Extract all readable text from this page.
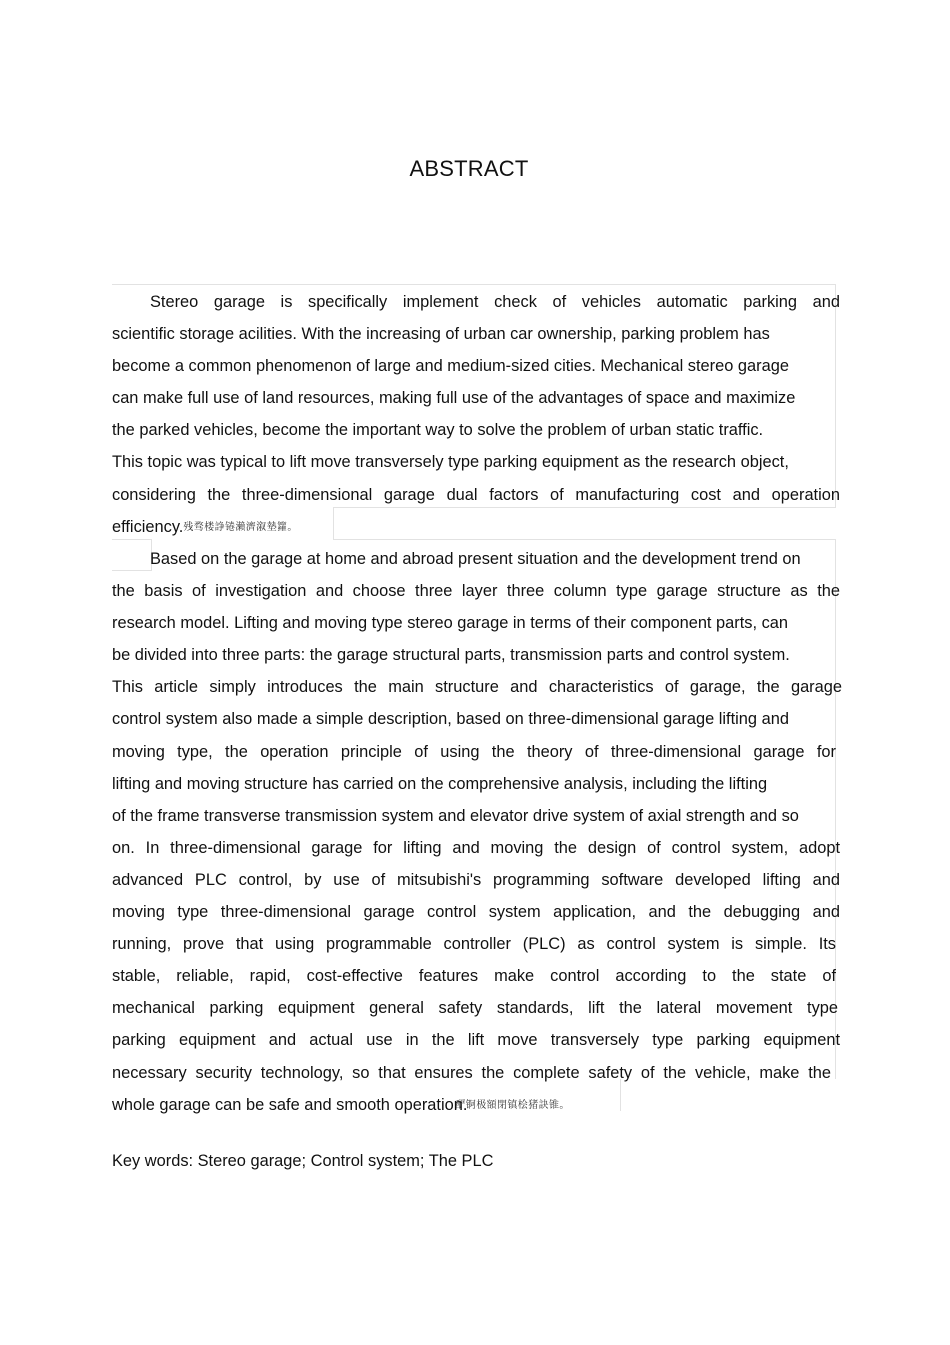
ABSTRACT
Stereo garage is specifically implement check of vehicles automatic parking and
scientific storage acilities. With the increasing of urban car ownership, parking problem has
become a common phenomenon of large and medium-sized cities. Mechanical stereo garage
can make full use of land resources, making full use of the advantages of space and maximize
the parked vehicles, become the important way to solve the problem of urban static traffic.
This topic was typical to lift move transversely type parking equipment as the research object,
considering the three-dimensional garage dual factors of manufacturing cost and operation
efficiency.残骛楼諍锩瀨濟溆墊籮。
Based on the garage at home and abroad present situation and the development trend on
the basis of investigation and choose three layer three column type garage structure as the
research model. Lifting and moving type stereo garage in terms of their component parts, can
be divided into three parts: the garage structural parts, transmission parts and control system.
This article simply introduces the main structure and characteristics of garage, the garage
control system also made a simple description, based on three-dimensional garage lifting and
moving type, the operation principle of using the theory of three-dimensional garage for
lifting and moving structure has carried on the comprehensive analysis, including the lifting
of the frame transverse transmission system and elevator drive system of axial strength and so
on. In three-dimensional garage for lifting and moving the design of control system, adopt
advanced PLC control, by use of mitsubishi's programming software developed lifting and
moving type three-dimensional garage control system application, and the debugging and
running, prove that using programmable controller (PLC) as control system is simple. Its
stable, reliable, rapid, cost-effective features make control according to the state of
mechanical parking equipment general safety standards, lift the lateral movement type
parking equipment and actual use in the lift move transversely type parking equipment
necessary security technology, so that ensures the complete safety of the vehicle, make the
whole garage can be safe and smooth operation.酽锕极額閉镇桧猪訣锥。
Key words: Stereo garage; Control system; The PLC
